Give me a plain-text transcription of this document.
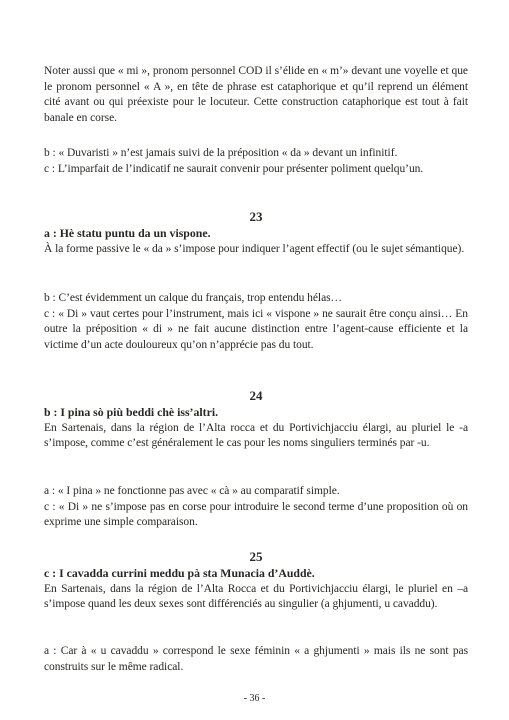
Noter aussi que « mi », pronom personnel COD il s’élide en « m’» devant une voyelle et que le pronom personnel « A », en tête de phrase est cataphorique et qu’il reprend un élément cité avant ou qui préexiste pour le locuteur. Cette construction cataphorique est tout à fait banale en corse.

b : « Duvaristi » n’est jamais suivi de la préposition « da » devant un infinitif.
c : L’imparfait de l’indicatif ne saurait convenir pour présenter poliment quelqu’un.

23

a : Hè statu puntu da un vispone.

À la forme passive le « da » s’impose pour indiquer l’agent effectif (ou le sujet sémantique).

b : C’est évidemment un calque du français, trop entendu hélas…
c : « Di » vaut certes pour l’instrument, mais ici « vispone » ne saurait être conçu ainsi… En outre la préposition « di » ne fait aucune distinction entre l’agent-cause efficiente et la victime d’un acte douloureux qu’on n’apprécie pas du tout.

24

b : I pina sò più beddi chè iss’altri.

En Sartenais, dans la région de l’Alta rocca et du Portivichjacciu élargi, au pluriel le -a s’impose, comme c’est généralement le cas pour les noms singuliers terminés par -u.

a : « I pina » ne fonctionne pas avec « cà » au comparatif simple.
c : « Di » ne s’impose pas en corse pour introduire le second terme d’une proposition où on exprime une simple comparaison.

25

c : I cavadda currini meddu pà sta Munacia d’Auddè.

En Sartenais, dans la région de l’Alta Rocca et du Portivichjacciu élargi, le pluriel en –a s’impose quand les deux sexes sont différenciés au singulier (a ghjumenti, u cavaddu).

a : Car à « u cavaddu » correspond le sexe féminin « a ghjumenti » mais ils ne sont pas construits sur le même radical.

- 36 -
